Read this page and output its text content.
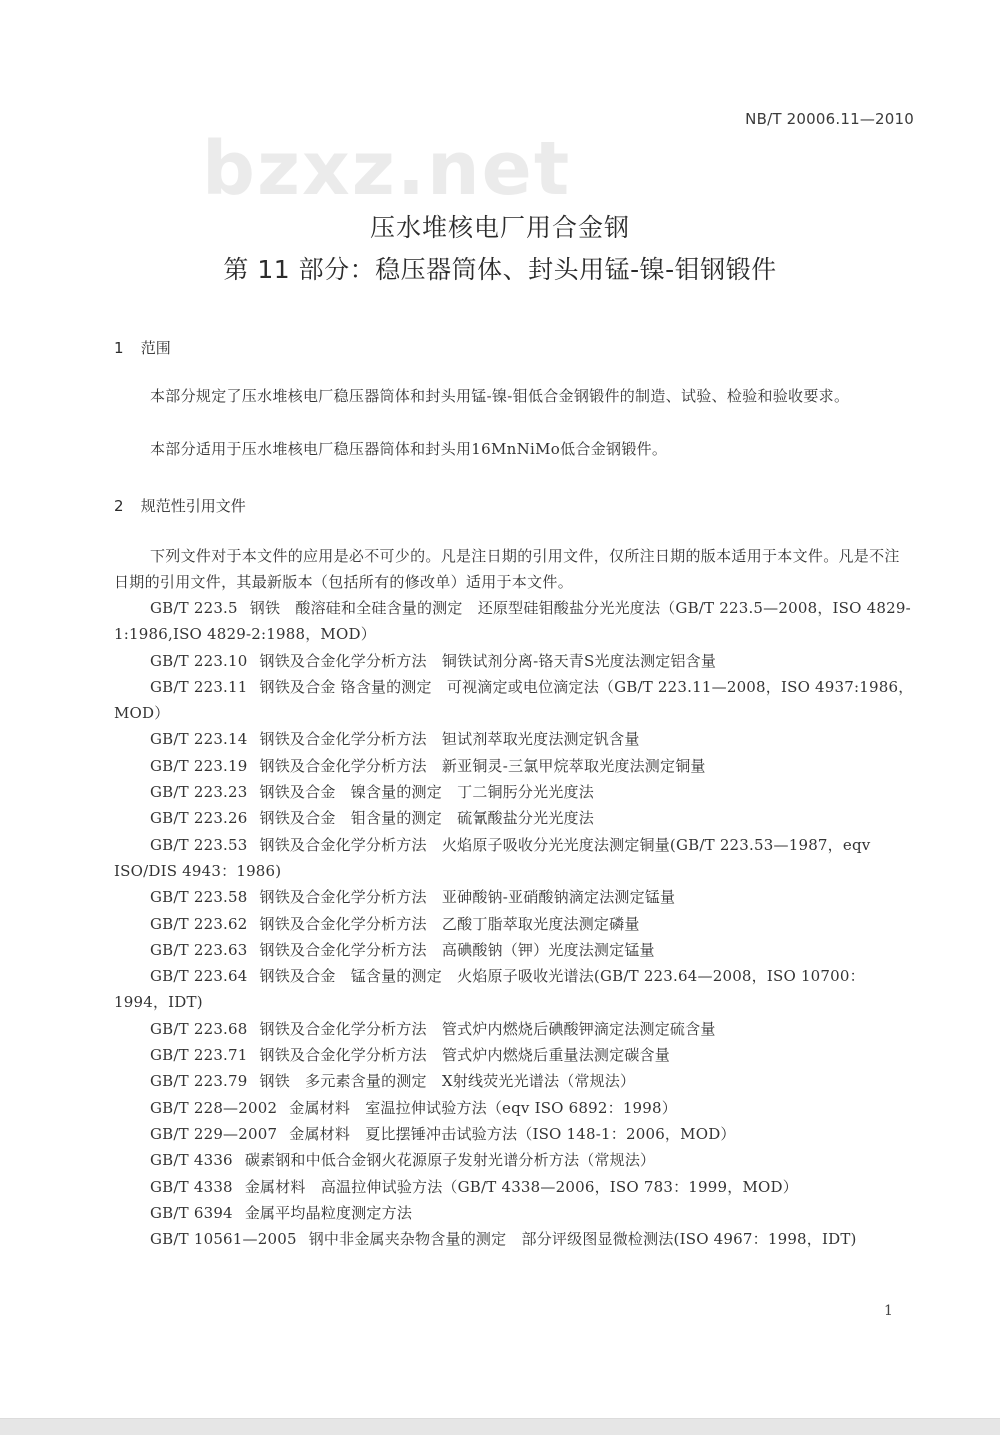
NB/T 20006.11—2010
bzxz.net
压水堆核电厂用合金钢
第 11 部分：稳压器筒体、封头用锰-镍-钼钢锻件
1 范围
本部分规定了压水堆核电厂稳压器筒体和封头用锰-镍-钼低合金钢锻件的制造、试验、检验和验收要求。
本部分适用于压水堆核电厂稳压器筒体和封头用16MnNiMo低合金钢锻件。
2 规范性引用文件
下列文件对于本文件的应用是必不可少的。凡是注日期的引用文件，仅所注日期的版本适用于本文件。凡是不注日期的引用文件，其最新版本（包括所有的修改单）适用于本文件。
GB/T 223.5 钢铁　酸溶硅和全硅含量的测定　还原型硅钼酸盐分光光度法（GB/T 223.5—2008，ISO 4829-1:1986,ISO 4829-2:1988，MOD）
GB/T 223.10 钢铁及合金化学分析方法　铜铁试剂分离-铬天青S光度法测定铝含量
GB/T 223.11 钢铁及合金 铬含量的测定　可视滴定或电位滴定法（GB/T 223.11—2008，ISO 4937:1986，MOD）
GB/T 223.14 钢铁及合金化学分析方法　钽试剂萃取光度法测定钒含量
GB/T 223.19 钢铁及合金化学分析方法　新亚铜灵-三氯甲烷萃取光度法测定铜量
GB/T 223.23 钢铁及合金　镍含量的测定　丁二铜肟分光光度法
GB/T 223.26 钢铁及合金　钼含量的测定　硫氰酸盐分光光度法
GB/T 223.53 钢铁及合金化学分析方法　火焰原子吸收分光光度法测定铜量(GB/T 223.53—1987，eqv ISO/DIS 4943：1986)
GB/T 223.58 钢铁及合金化学分析方法　亚砷酸钠-亚硝酸钠滴定法测定锰量
GB/T 223.62 钢铁及合金化学分析方法　乙酸丁脂萃取光度法测定磷量
GB/T 223.63 钢铁及合金化学分析方法　高碘酸钠（钾）光度法测定锰量
GB/T 223.64 钢铁及合金　锰含量的测定　火焰原子吸收光谱法(GB/T 223.64—2008，ISO 10700：1994，IDT)
GB/T 223.68 钢铁及合金化学分析方法　管式炉内燃烧后碘酸钾滴定法测定硫含量
GB/T 223.71 钢铁及合金化学分析方法　管式炉内燃烧后重量法测定碳含量
GB/T 223.79 钢铁　多元素含量的测定　X射线荧光光谱法（常规法）
GB/T 228—2002 金属材料　室温拉伸试验方法（eqv ISO 6892：1998）
GB/T 229—2007 金属材料　夏比摆锤冲击试验方法（ISO 148-1：2006，MOD）
GB/T 4336 碳素钢和中低合金钢火花源原子发射光谱分析方法（常规法）
GB/T 4338 金属材料　高温拉伸试验方法（GB/T 4338—2006，ISO 783：1999，MOD）
GB/T 6394 金属平均晶粒度测定方法
GB/T 10561—2005 钢中非金属夹杂物含量的测定　部分评级图显微检测法(ISO 4967：1998，IDT)
1
